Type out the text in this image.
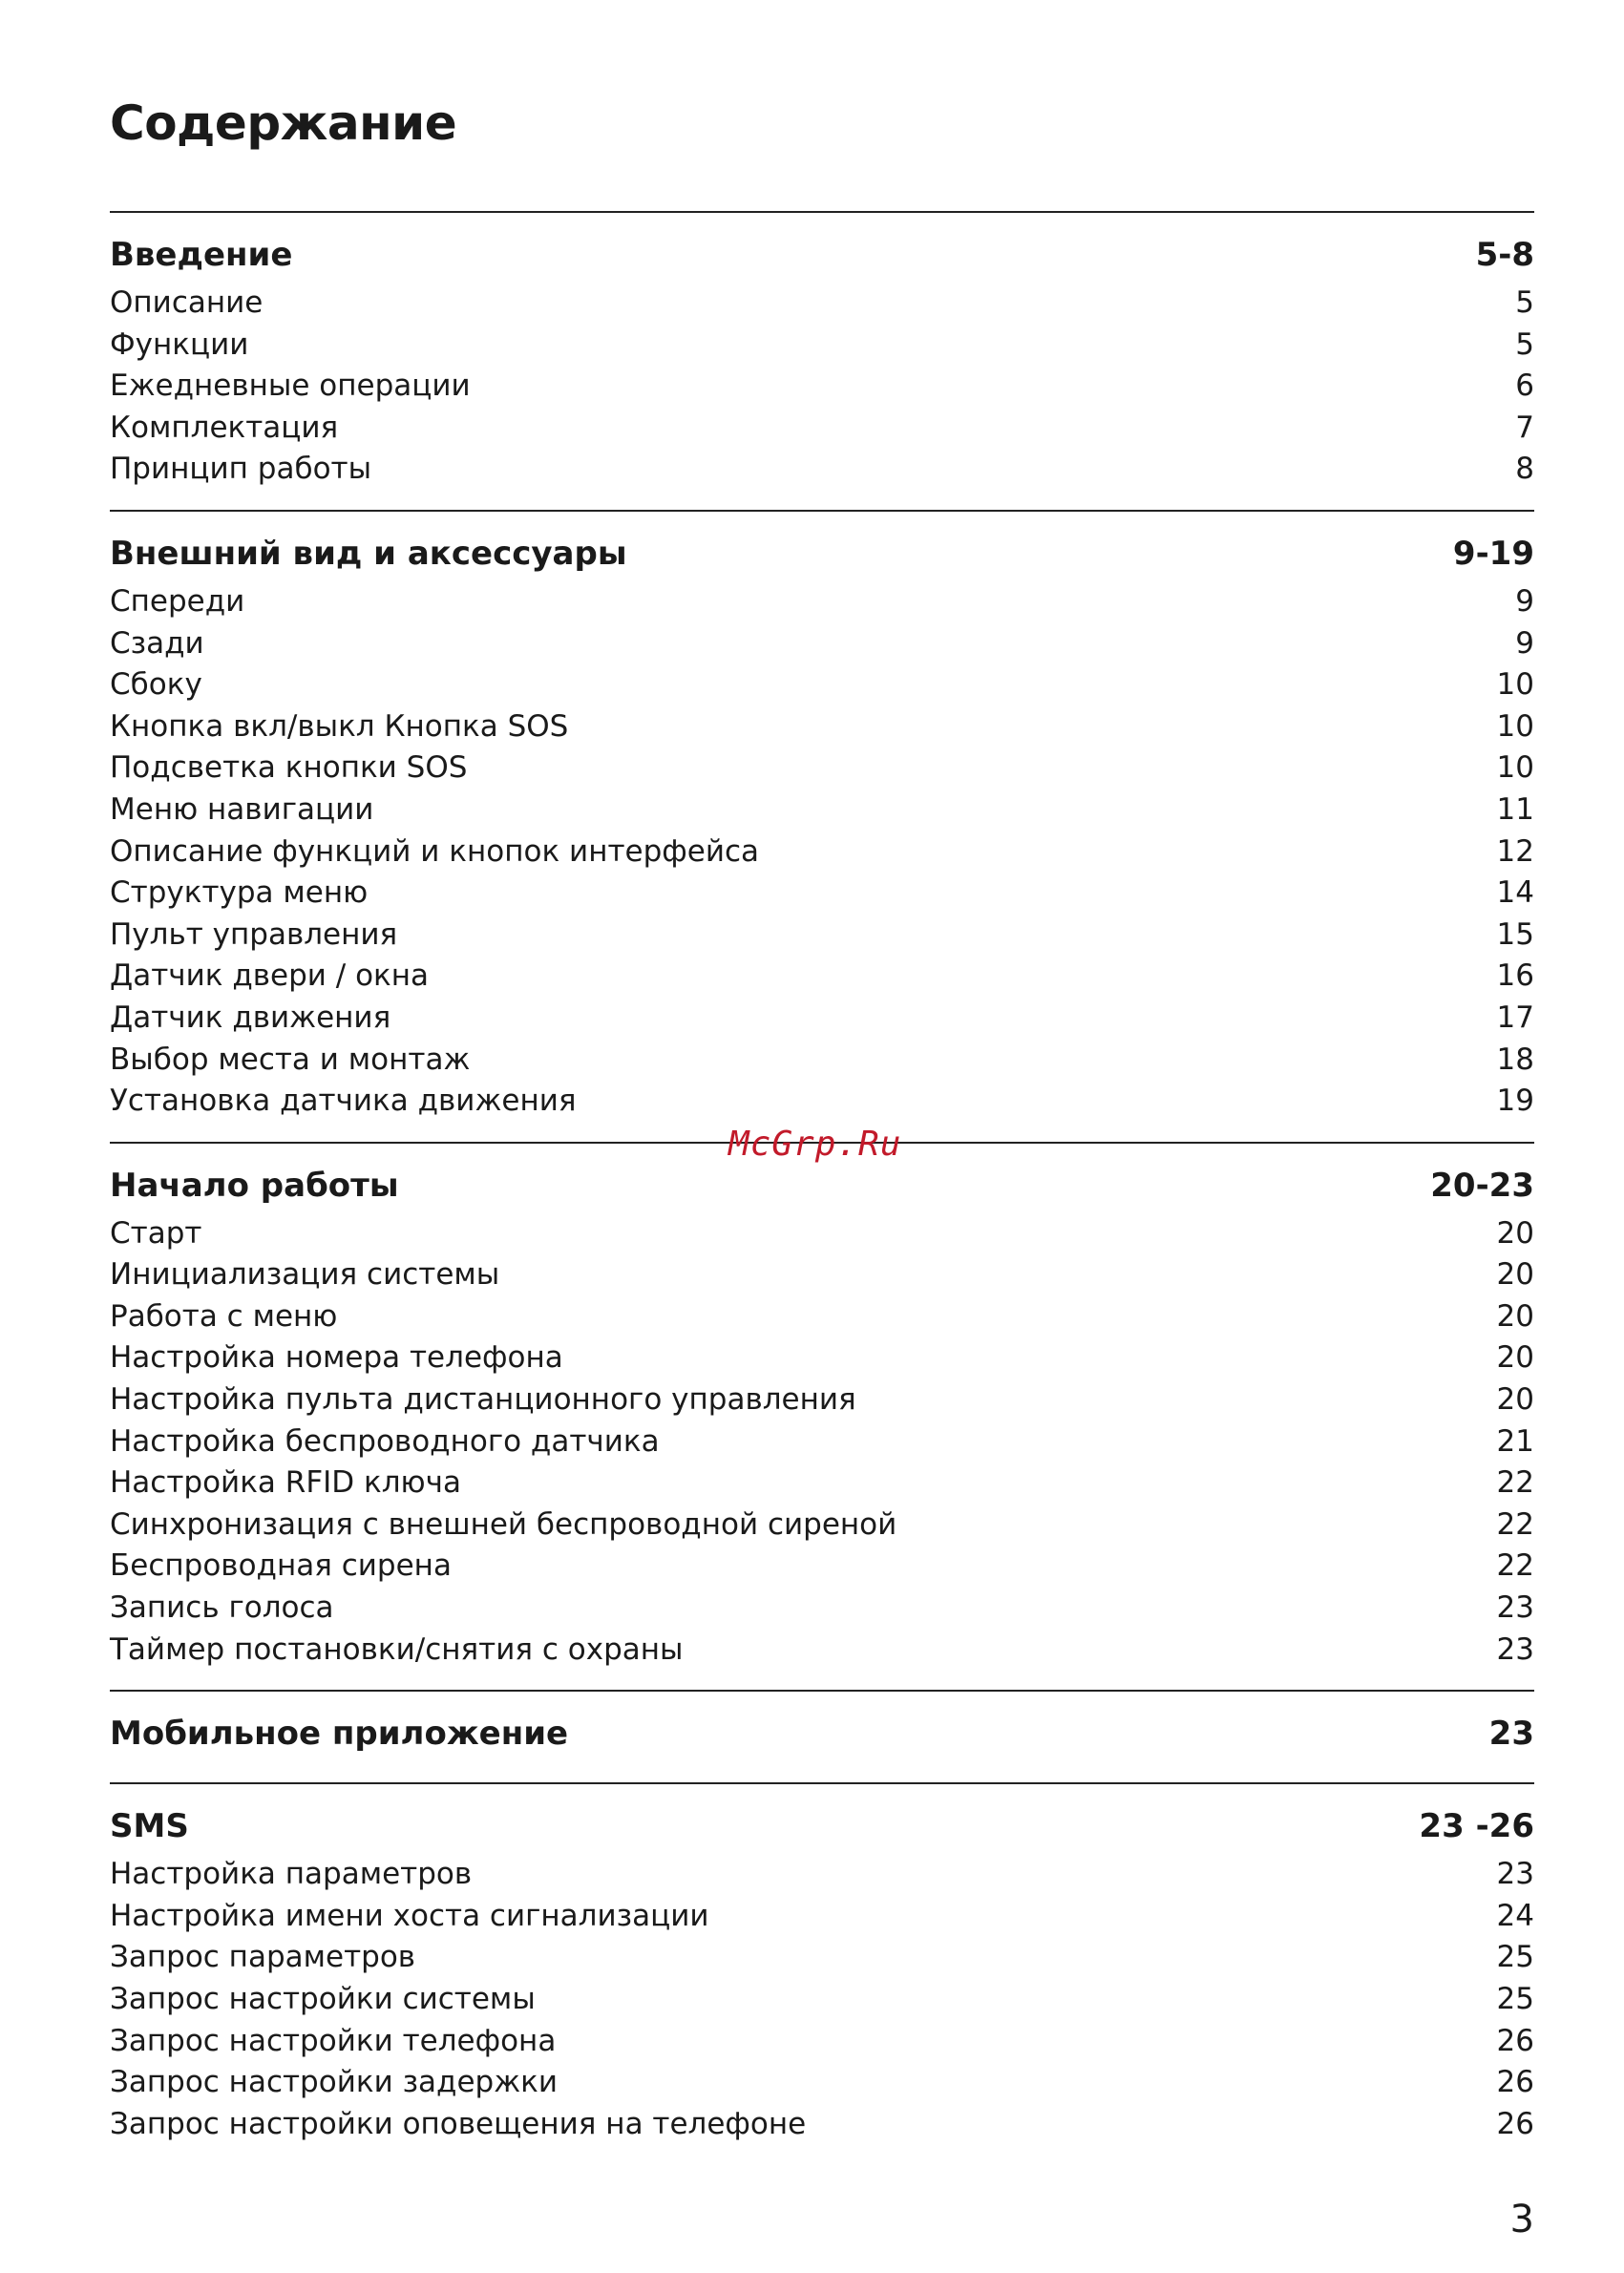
Содержание
Введение	5-8
Описание	5
Функции	5
Ежедневные операции	6
Комплектация	7
Принцип работы	8
Внешний вид и аксессуары	9-19
Спереди	9
Сзади	9
Сбоку	10
Кнопка вкл/выкл Кнопка SOS	10
Подсветка кнопки SOS	10
Меню навигации	11
Описание функций и кнопок интерфейса	12
Структура меню	14
Пульт управления	15
Датчик двери / окна	16
Датчик движения	17
Выбор места и монтаж	18
Установка датчика движения	19
Начало работы	20-23
Старт	20
Инициализация системы	20
Работа с меню	20
Настройка номера телефона	20
Настройка пульта дистанционного управления	20
Настройка беспроводного датчика	21
Настройка RFID ключа	22
Синхронизация с внешней беспроводной сиреной	22
Беспроводная сирена	22
Запись голоса	23
Таймер постановки/снятия с охраны	23
Мобильное приложение	23
SMS	23 -26
Настройка параметров	23
Настройка имени хоста сигнализации	24
Запрос параметров	25
Запрос настройки системы	25
Запрос настройки телефона	26
Запрос настройки задержки	26
Запрос настройки оповещения на телефоне	26
McGrp.Ru
3
